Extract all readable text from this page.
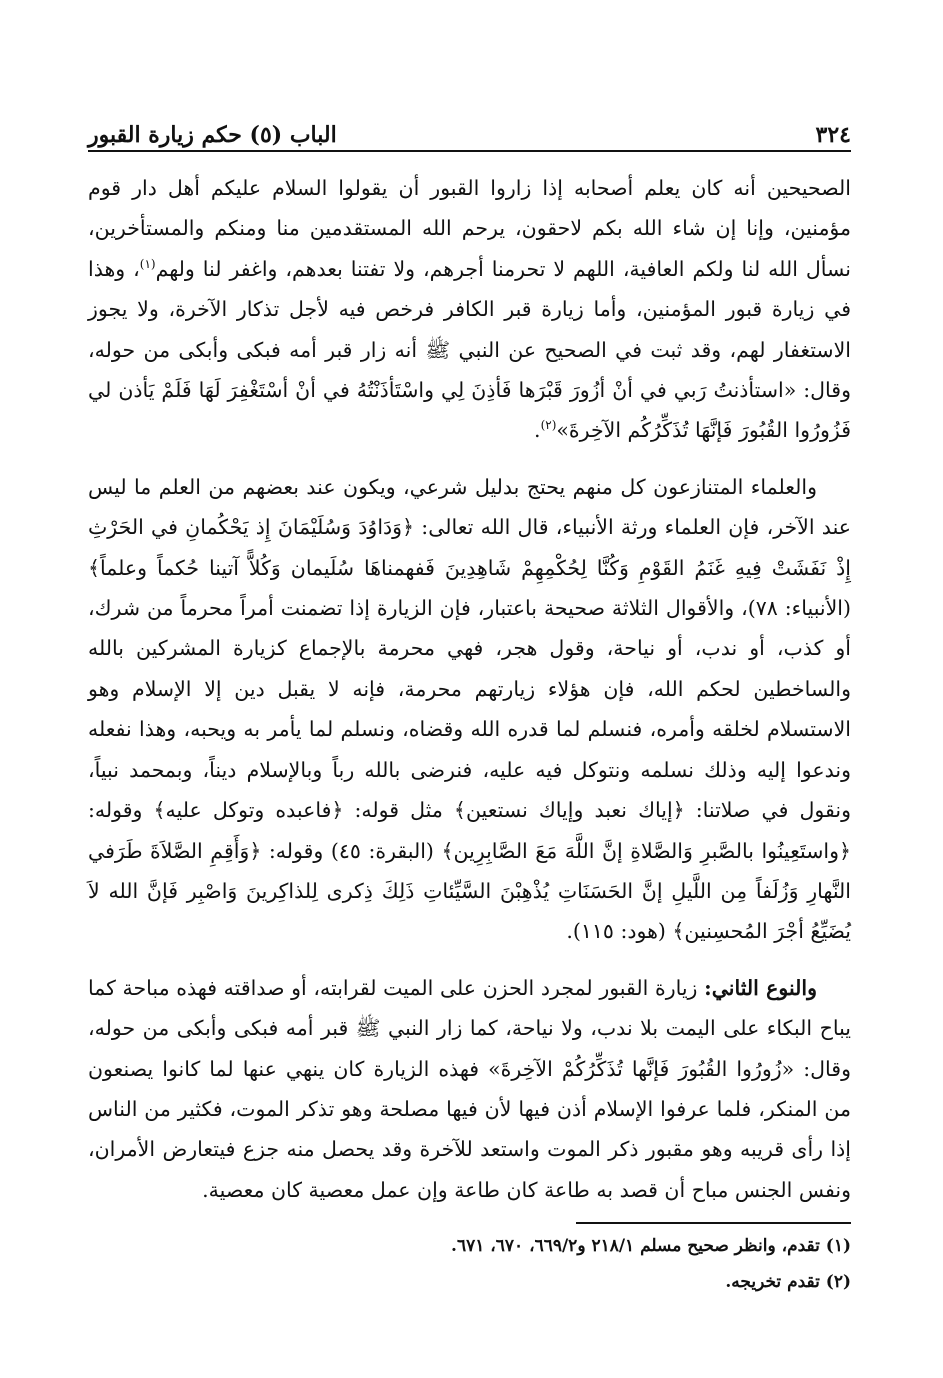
٣٢٤
الباب (٥) حكم زيارة القبور

الصحيحين أنه كان يعلم أصحابه إذا زاروا القبور أن يقولوا السلام عليكم أهل دار قوم مؤمنين، وإنا إن شاء الله بكم لاحقون، يرحم الله المستقدمين منا ومنكم والمستأخرين، نسأل الله لنا ولكم العافية، اللهم لا تحرمنا أجرهم، ولا تفتنا بعدهم، واغفر لنا ولهم$^{(١)}$، وهذا في زيارة قبور المؤمنين، وأما زيارة قبر الكافر فرخص فيه لأجل تذكار الآخرة، ولا يجوز الاستغفار لهم، وقد ثبت في الصحيح عن النبي ﷺ أنه زار قبر أمه فبكى وأبكى من حوله، وقال: «استأذنتُ رَبي في أنْ أزُورَ قَبْرَها فَأذِنَ لِي واسْتَأذَنْتُهُ في أنْ أسْتَغْفِرَ لَهَا فَلَمْ يَأذن لي فَزُورُوا القُبُورَ فَإنَّهَا تُذَكِّرُكُم الآخِرةَ»$^{(٢)}$.

والعلماء المتنازعون كل منهم يحتج بدليل شرعي، ويكون عند بعضهم من العلم ما ليس عند الآخر، فإن العلماء ورثة الأنبياء، قال الله تعالى: ﴿وَدَاوُدَ وَسُلَيْمَانَ إِذ يَحْكُمانِ في الحَرْثِ إِذْ نَفَشَتْ فِيهِ غَنَمُ القَوْمِ وَكُنَّا لِحُكْمِهِمْ شَاهِدِينَ فَفهمناهَا سُلَيمان وَكُلاًّ آتينا حُكماً وعلماً﴾ (الأنبياء: ٧٨)، والأقوال الثلاثة صحيحة باعتبار، فإن الزيارة إذا تضمنت أمراً محرماً من شرك، أو كذب، أو ندب، أو نياحة، وقول هجر، فهي محرمة بالإجماع كزيارة المشركين بالله والساخطين لحكم الله، فإن هؤلاء زيارتهم محرمة، فإنه لا يقبل دين إلا الإسلام وهو الاستسلام لخلقه وأمره، فنسلم لما قدره الله وقضاه، ونسلم لما يأمر به ويحبه، وهذا نفعله وندعوا إليه وذلك نسلمه ونتوكل فيه عليه، فنرضى بالله رباً وبالإسلام ديناً، وبمحمد نبياً، ونقول في صلاتنا: ﴿إياك نعبد وإياك نستعين﴾ مثل قوله: ﴿فاعبده وتوكل عليه﴾ وقوله: ﴿واستَعِينُوا بالصَّبرِ وَالصَّلاةِ إنَّ اللَّهَ مَعَ الصَّابِرِين﴾ (البقرة: ٤٥) وقوله: ﴿وَأَقِمِ الصَّلاَةَ طَرَفي النَّهارِ وَزُلَفاً مِن اللَّيلِ إنَّ الحَسَنَاتِ يُذْهِبْنَ السَّيِّئاتِ ذَلِكَ ذِكرى لِلذاكِرينَ وَاصْبِر فَإنَّ الله لاَ يُضَيِّعُ أجْرَ المُحسِنين﴾ (هود: ١١٥).

والنوع الثاني: زيارة القبور لمجرد الحزن على الميت لقرابته، أو صداقته فهذه مباحة كما يباح البكاء على اليمت بلا ندب، ولا نياحة، كما زار النبي ﷺ قبر أمه فبكى وأبكى من حوله، وقال: «زُورُوا القُبُورَ فَإنَّها تُذَكِّرُكُمْ الآخِرةَ» فهذه الزيارة كان ينهي عنها لما كانوا يصنعون من المنكر، فلما عرفوا الإسلام أذن فيها لأن فيها مصلحة وهو تذكر الموت، فكثير من الناس إذا رأى قريبه وهو مقبور ذكر الموت واستعد للآخرة وقد يحصل منه جزع فيتعارض الأمران، ونفس الجنس مباح أن قصد به طاعة كان طاعة وإن عمل معصية كان معصية.

(١) تقدم، وانظر صحيح مسلم ٢١٨/١ و٦٦٩/٢، ٦٧٠، ٦٧١.
(٢) تقدم تخريجه.
